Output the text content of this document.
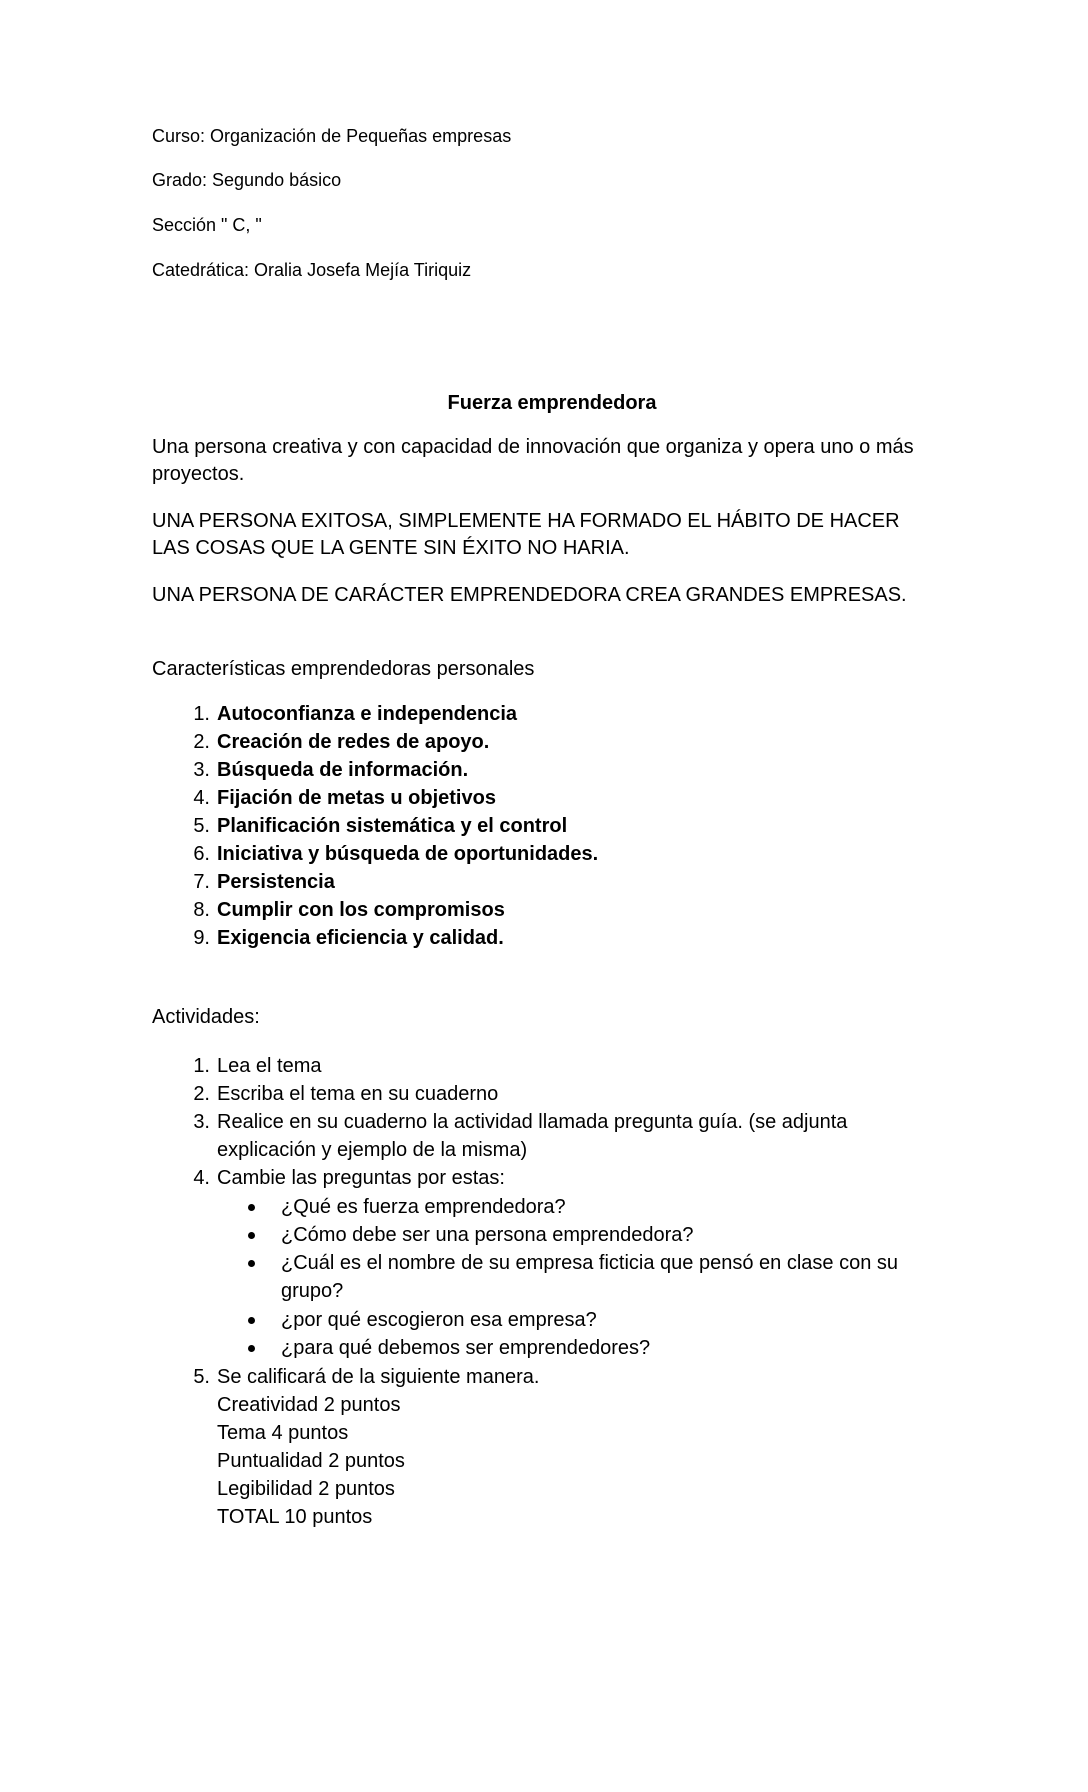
Curso: Organización de Pequeñas empresas
Grado: Segundo básico
Sección " C, "
Catedrática: Oralia Josefa Mejía Tiriquiz
Fuerza emprendedora
Una persona creativa y con capacidad de innovación que organiza y opera uno o más proyectos.
UNA PERSONA EXITOSA, SIMPLEMENTE HA FORMADO EL HÁBITO DE HACER LAS COSAS QUE LA GENTE SIN ÉXITO NO HARIA.
UNA PERSONA DE CARÁCTER EMPRENDEDORA CREA GRANDES EMPRESAS.
Características emprendedoras personales
1. Autoconfianza e independencia
2. Creación de redes de apoyo.
3. Búsqueda de información.
4. Fijación de metas u objetivos
5. Planificación sistemática y el control
6. Iniciativa y búsqueda de oportunidades.
7. Persistencia
8. Cumplir con los compromisos
9. Exigencia eficiencia y calidad.
Actividades:
1. Lea el tema
2. Escriba el tema en su cuaderno
3. Realice en su cuaderno la actividad llamada pregunta guía. (se adjunta explicación y ejemplo de la misma)
4. Cambie las preguntas por estas:
¿Qué es fuerza emprendedora?
¿Cómo debe ser una persona emprendedora?
¿Cuál es el nombre de su empresa ficticia que pensó en clase con su grupo?
¿por qué escogieron esa empresa?
¿para qué debemos ser emprendedores?
5. Se calificará de la siguiente manera.
Creatividad 2 puntos
Tema 4 puntos
Puntualidad 2 puntos
Legibilidad 2 puntos
TOTAL 10 puntos
